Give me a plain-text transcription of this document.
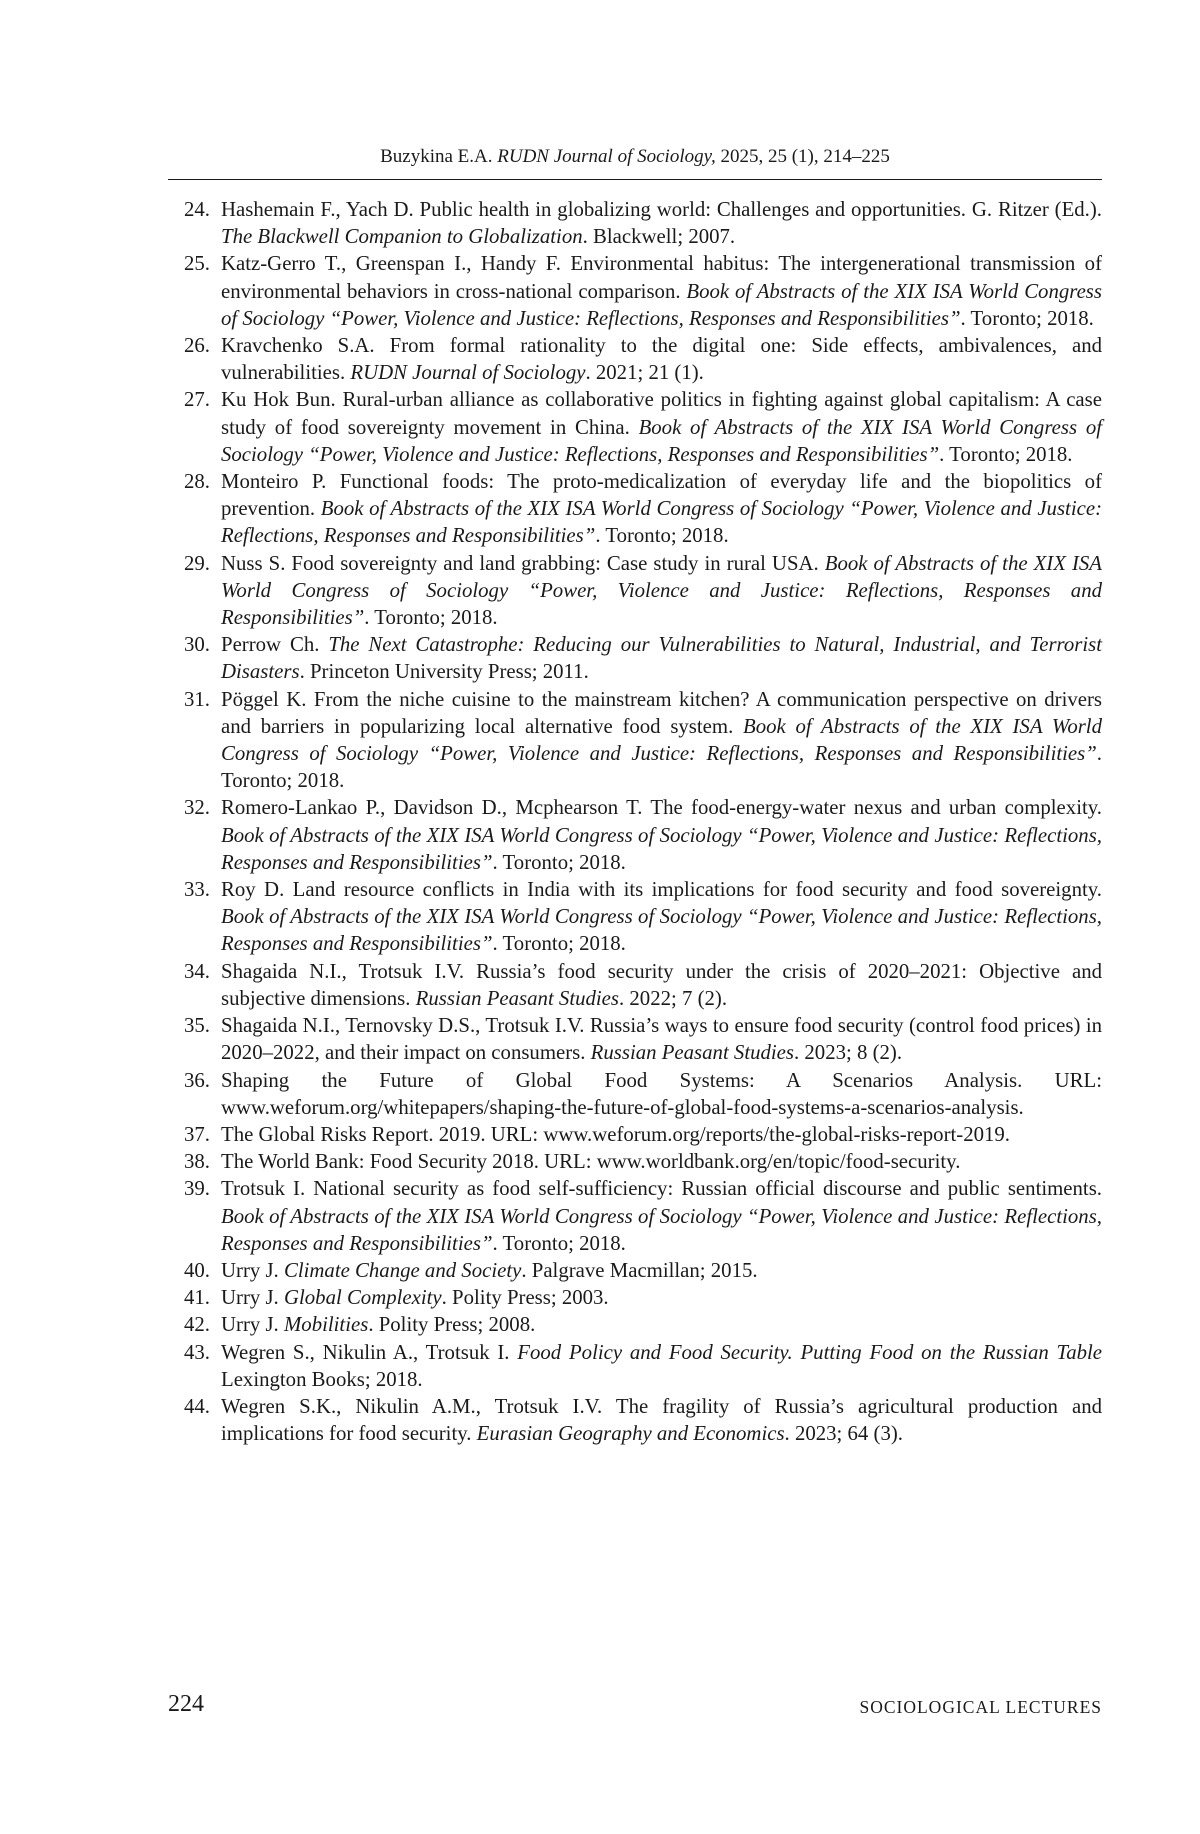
Buzykina E.A. RUDN Journal of Sociology, 2025, 25 (1), 214–225
24. Hashemain F., Yach D. Public health in globalizing world: Challenges and opportunities. G. Ritzer (Ed.). The Blackwell Companion to Globalization. Blackwell; 2007.
25. Katz-Gerro T., Greenspan I., Handy F. Environmental habitus: The intergenerational transmission of environmental behaviors in cross-national comparison. Book of Abstracts of the XIX ISA World Congress of Sociology “Power, Violence and Justice: Reflections, Responses and Responsibilities”. Toronto; 2018.
26. Kravchenko S.A. From formal rationality to the digital one: Side effects, ambivalences, and vulnerabilities. RUDN Journal of Sociology. 2021; 21 (1).
27. Ku Hok Bun. Rural-urban alliance as collaborative politics in fighting against global capitalism: A case study of food sovereignty movement in China. Book of Abstracts of the XIX ISA World Congress of Sociology “Power, Violence and Justice: Reflections, Responses and Responsibilities”. Toronto; 2018.
28. Monteiro P. Functional foods: The proto-medicalization of everyday life and the biopolitics of prevention. Book of Abstracts of the XIX ISA World Congress of Sociology “Power, Violence and Justice: Reflections, Responses and Responsibilities”. Toronto; 2018.
29. Nuss S. Food sovereignty and land grabbing: Case study in rural USA. Book of Abstracts of the XIX ISA World Congress of Sociology “Power, Violence and Justice: Reflections, Responses and Responsibilities”. Toronto; 2018.
30. Perrow Ch. The Next Catastrophe: Reducing our Vulnerabilities to Natural, Industrial, and Terrorist Disasters. Princeton University Press; 2011.
31. Pöggel K. From the niche cuisine to the mainstream kitchen? A communication perspective on drivers and barriers in popularizing local alternative food system. Book of Abstracts of the XIX ISA World Congress of Sociology “Power, Violence and Justice: Reflections, Responses and Responsibilities”. Toronto; 2018.
32. Romero-Lankao P., Davidson D., Mcphearson T. The food-energy-water nexus and urban complexity. Book of Abstracts of the XIX ISA World Congress of Sociology “Power, Violence and Justice: Reflections, Responses and Responsibilities”. Toronto; 2018.
33. Roy D. Land resource conflicts in India with its implications for food security and food sovereignty. Book of Abstracts of the XIX ISA World Congress of Sociology “Power, Violence and Justice: Reflections, Responses and Responsibilities”. Toronto; 2018.
34. Shagaida N.I., Trotsuk I.V. Russia’s food security under the crisis of 2020–2021: Objective and subjective dimensions. Russian Peasant Studies. 2022; 7 (2).
35. Shagaida N.I., Ternovsky D.S., Trotsuk I.V. Russia’s ways to ensure food security (control food prices) in 2020–2022, and their impact on consumers. Russian Peasant Studies. 2023; 8 (2).
36. Shaping the Future of Global Food Systems: A Scenarios Analysis. URL: www.weforum.org/whitepapers/shaping-the-future-of-global-food-systems-a-scenarios-analysis.
37. The Global Risks Report. 2019. URL: www.weforum.org/reports/the-global-risks-report-2019.
38. The World Bank: Food Security 2018. URL: www.worldbank.org/en/topic/food-security.
39. Trotsuk I. National security as food self-sufficiency: Russian official discourse and public sentiments. Book of Abstracts of the XIX ISA World Congress of Sociology “Power, Violence and Justice: Reflections, Responses and Responsibilities”. Toronto; 2018.
40. Urry J. Climate Change and Society. Palgrave Macmillan; 2015.
41. Urry J. Global Complexity. Polity Press; 2003.
42. Urry J. Mobilities. Polity Press; 2008.
43. Wegren S., Nikulin A., Trotsuk I. Food Policy and Food Security. Putting Food on the Russian Table Lexington Books; 2018.
44. Wegren S.K., Nikulin A.M., Trotsuk I.V. The fragility of Russia’s agricultural production and implications for food security. Eurasian Geography and Economics. 2023; 64 (3).
224	SOCIOLOGICAL LECTURES
